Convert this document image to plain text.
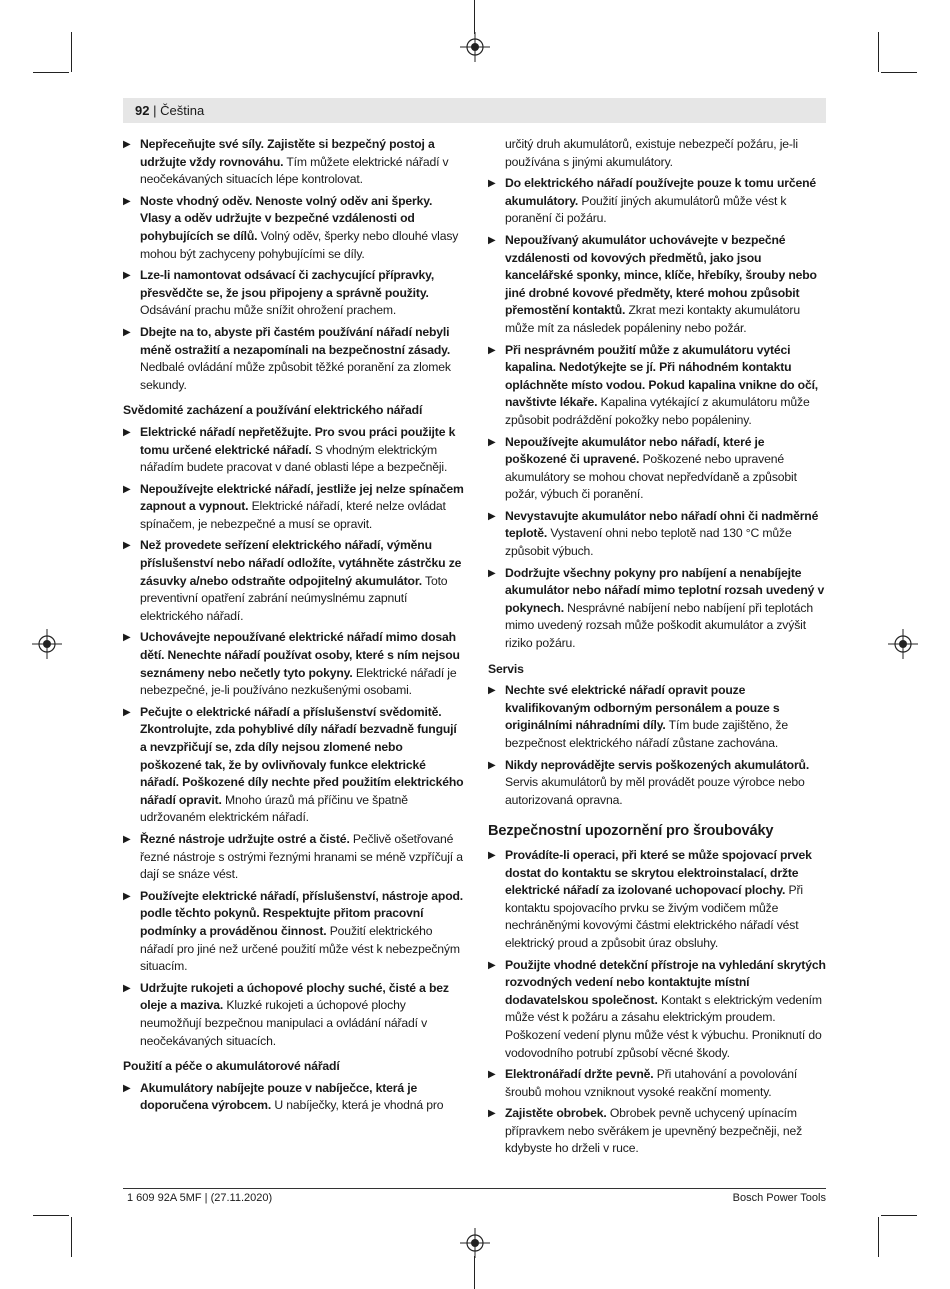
92 | Čeština
▶ Nepřeceňujte své síly. Zajistěte si bezpečný postoj a udržujte vždy rovnováhu. Tím můžete elektrické nářadí v neočekávaných situacích lépe kontrolovat.
▶ Noste vhodný oděv. Nenoste volný oděv ani šperky. Vlasy a oděv udržujte v bezpečné vzdálenosti od pohybujících se dílů. Volný oděv, šperky nebo dlouhé vlasy mohou být zachyceny pohybujícími se díly.
▶ Lze-li namontovat odsávací či zachycující přípravky, přesvědčte se, že jsou připojeny a správně použity. Odsávání prachu může snížit ohrožení prachem.
▶ Dbejte na to, abyste při častém používání nářadí nebyli méně ostražití a nezapomínali na bezpečnostní zásady. Nedbalé ovládání může způsobit těžké poranění za zlomek sekundy.
Svědomité zacházení a používání elektrického nářadí
▶ Elektrické nářadí nepřetěžujte. Pro svou práci použijte k tomu určené elektrické nářadí. S vhodným elektrickým nářadím budete pracovat v dané oblasti lépe a bezpečněji.
▶ Nepoužívejte elektrické nářadí, jestliže jej nelze spínačem zapnout a vypnout. Elektrické nářadí, které nelze ovládat spínačem, je nebezpečné a musí se opravit.
▶ Než provedete seřízení elektrického nářadí, výměnu příslušenství nebo nářadí odložíte, vytáhněte zástrčku ze zásuvky a/nebo odstraňte odpojitelný akumulátor. Toto preventivní opatření zabrání neúmyslnému zapnutí elektrického nářadí.
▶ Uchovávejte nepoužívané elektrické nářadí mimo dosah dětí. Nenechte nářadí používat osoby, které s ním nejsou seznámeny nebo nečetly tyto pokyny. Elektrické nářadí je nebezpečné, je-li používáno nezkušenými osobami.
▶ Pečujte o elektrické nářadí a příslušenství svědomitě. Zkontrolujte, zda pohyblivé díly nářadí bezvadně fungují a nevzpřičují se, zda díly nejsou zlomené nebo poškozené tak, že by ovlivňovaly funkce elektrické nářadí. Poškozené díly nechte před použitím elektrického nářadí opravit. Mnoho úrazů má příčinu ve špatně udržovaném elektrickém nářadí.
▶ Řezné nástroje udržujte ostré a čisté. Pečlivě ošetřované řezné nástroje s ostrými řeznými hranami se méně vzpříčují a dají se snáze vést.
▶ Používejte elektrické nářadí, příslušenství, nástroje apod. podle těchto pokynů. Respektujte přitom pracovní podmínky a prováděnou činnost. Použití elektrického nářadí pro jiné než určené použití může vést k nebezpečným situacím.
▶ Udržujte rukojeti a úchopové plochy suché, čisté a bez oleje a maziva. Kluzké rukojeti a úchopové plochy neumožňují bezpečnou manipulaci a ovládání nářadí v neočekávaných situacích.
Použití a péče o akumulátorové nářadí
▶ Akumulátory nabíjejte pouze v nabíječce, která je doporučena výrobcem. U nabíječky, která je vhodná pro
určitý druh akumulátorů, existuje nebezpečí požáru, je-li používána s jinými akumulátory.
▶ Do elektrického nářadí používejte pouze k tomu určené akumulátory. Použití jiných akumulátorů může vést k poranění či požáru.
▶ Nepoužívaný akumulátor uchovávejte v bezpečné vzdálenosti od kovových předmětů, jako jsou kancelářské sponky, mince, klíče, hřebíky, šrouby nebo jiné drobné kovové předměty, které mohou způsobit přemostění kontaktů. Zkrat mezi kontakty akumulátoru může mít za následek popáleniny nebo požár.
▶ Při nesprávném použití může z akumulátoru vytéci kapalina. Nedotýkejte se jí. Při náhodném kontaktu opláchněte místo vodou. Pokud kapalina vnikne do očí, navštivte lékaře. Kapalina vytékající z akumulátoru může způsobit podráždění pokožky nebo popáleniny.
▶ Nepoužívejte akumulátor nebo nářadí, které je poškozené či upravené. Poškozené nebo upravené akumulátory se mohou chovat nepředvídaně a způsobit požár, výbuch či poranění.
▶ Nevystavujte akumulátor nebo nářadí ohni či nadměrné teplotě. Vystavení ohni nebo teplotě nad 130 °C může způsobit výbuch.
▶ Dodržujte všechny pokyny pro nabíjení a nenabíjejte akumulátor nebo nářadí mimo teplotní rozsah uvedený v pokynech. Nesprávné nabíjení nebo nabíjení při teplotách mimo uvedený rozsah může poškodit akumulátor a zvýšit riziko požáru.
Servis
▶ Nechte své elektrické nářadí opravit pouze kvalifikovaným odborným personálem a pouze s originálními náhradními díly. Tím bude zajištěno, že bezpečnost elektrického nářadí zůstane zachována.
▶ Nikdy neprovádějte servis poškozených akumulátorů. Servis akumulátorů by měl provádět pouze výrobce nebo autorizovaná opravna.
Bezpečnostní upozornění pro šroubováky
▶ Provádíte-li operaci, při které se může spojovací prvek dostat do kontaktu se skrytou elektroinstalací, držte elektrické nářadí za izolované uchopovací plochy. Při kontaktu spojovacího prvku se živým vodičem může nechráněnými kovovými částmi elektrického nářadí vést elektrický proud a způsobit úraz obsluhy.
▶ Použijte vhodné detekční přístroje na vyhledání skrytých rozvodných vedení nebo kontaktujte místní dodavatelskou společnost. Kontakt s elektrickým vedením může vést k požáru a zásahu elektrickým proudem. Poškození vedení plynu může vést k výbuchu. Proniknutí do vodovodního potrubí způsobí věcné škody.
▶ Elektronářadí držte pevně. Při utahování a povolování šroubů mohou vzniknout vysoké reakční momenty.
▶ Zajistěte obrobek. Obrobek pevně uchycený upínacím přípravkem nebo svěrákem je upevněný bezpečněji, než kdybyste ho drželi v ruce.
1 609 92A 5MF | (27.11.2020)	Bosch Power Tools
